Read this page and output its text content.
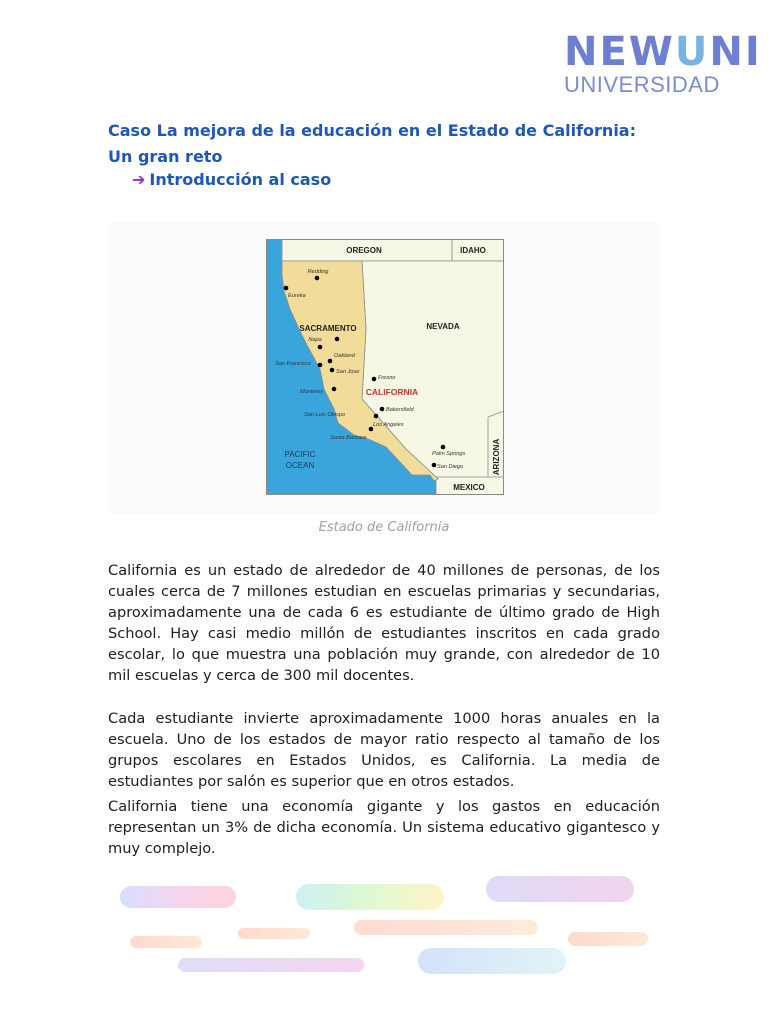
NEWUNI
UNIVERSIDAD
Caso La mejora de la educación en el Estado de California:
Un gran reto
➔ Introducción al caso
OREGON	IDAHO
NEVADA
ARIZONA
MEXICO
CALIFORNIA
SACRAMENTO
PACIFIC
OCEAN
Redding
Eureka
Napa
Oakland
San Francisco
San Jose
Fresno
Monterey
San Luis Obispo
Bakersfield
Los Angeles
Santa Barbara
Palm Springs
San Diego
Estado de California
California es un estado de alrededor de 40 millones de personas, de los cuales cerca de 7 millones estudian en escuelas primarias y secundarias, aproximadamente una de cada 6 es estudiante de último grado de High School. Hay casi medio millón de estudiantes inscritos en cada grado escolar, lo que muestra una población muy grande, con alrededor de 10 mil escuelas y cerca de 300 mil docentes.
Cada estudiante invierte aproximadamente 1000 horas anuales en la escuela. Uno de los estados de mayor ratio respecto al tamaño de los grupos escolares en Estados Unidos, es California. La media de estudiantes por salón es superior que en otros estados.
California tiene una economía gigante y los gastos en educación representan un 3% de dicha economía. Un sistema educativo gigantesco y muy complejo.
